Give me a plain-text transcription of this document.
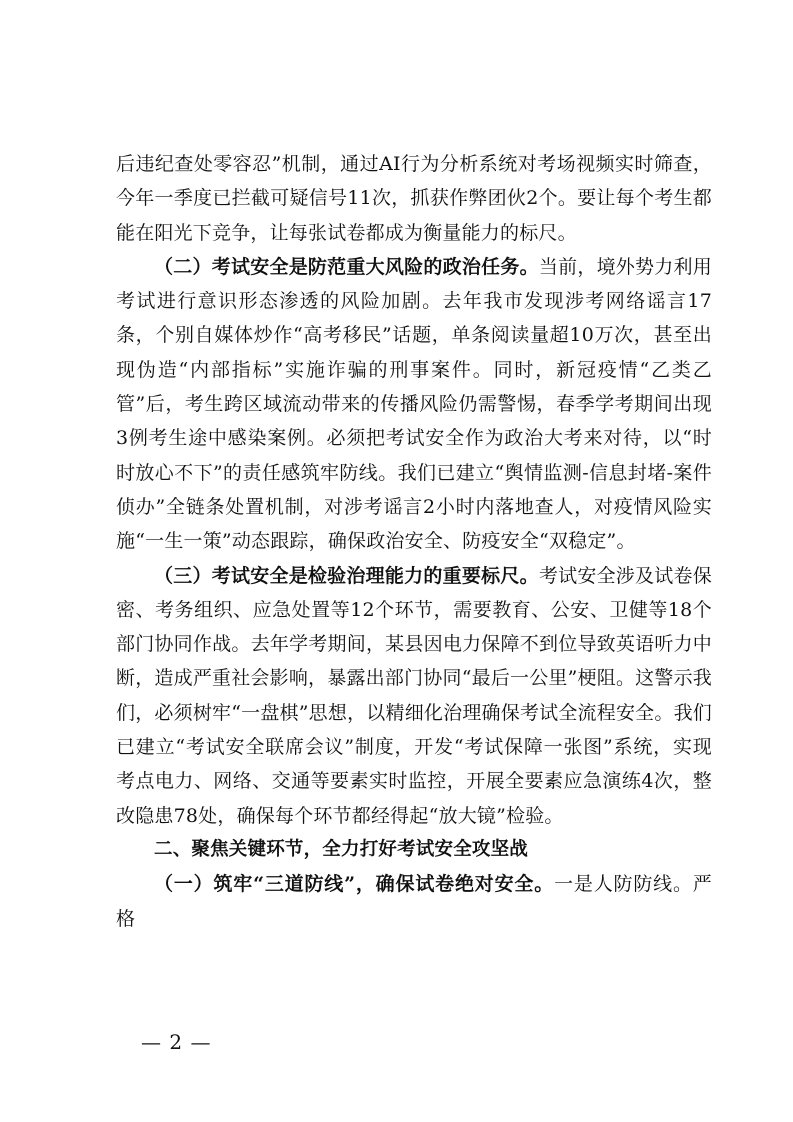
后违纪查处零容忍”机制，通过AI行为分析系统对考场视频实时筛查，今年一季度已拦截可疑信号11次，抓获作弊团伙2个。要让每个考生都能在阳光下竞争，让每张试卷都成为衡量能力的标尺。

（二）考试安全是防范重大风险的政治任务。当前，境外势力利用考试进行意识形态渗透的风险加剧。去年我市发现涉考网络谣言17条，个别自媒体炒作“高考移民”话题，单条阅读量超10万次，甚至出现伪造“内部指标”实施诈骗的刑事案件。同时，新冠疫情“乙类乙管”后，考生跨区域流动带来的传播风险仍需警惕，春季学考期间出现3例考生途中感染案例。必须把考试安全作为政治大考来对待，以“时时放心不下”的责任感筑牢防线。我们已建立“舆情监测-信息封堵-案件侦办”全链条处置机制，对涉考谣言2小时内落地查人，对疫情风险实施“一生一策”动态跟踪，确保政治安全、防疫安全“双稳定”。

（三）考试安全是检验治理能力的重要标尺。考试安全涉及试卷保密、考务组织、应急处置等12个环节，需要教育、公安、卫健等18个部门协同作战。去年学考期间，某县因电力保障不到位导致英语听力中断，造成严重社会影响，暴露出部门协同“最后一公里”梗阻。这警示我们，必须树牢“一盘棋”思想，以精细化治理确保考试全流程安全。我们已建立“考试安全联席会议”制度，开发“考试保障一张图”系统，实现考点电力、网络、交通等要素实时监控，开展全要素应急演练4次，整改隐患78处，确保每个环节都经得起“放大镜”检验。

二、聚焦关键环节，全力打好考试安全攻坚战

（一）筑牢“三道防线”，确保试卷绝对安全。一是人防防线。严格

— 2 —
